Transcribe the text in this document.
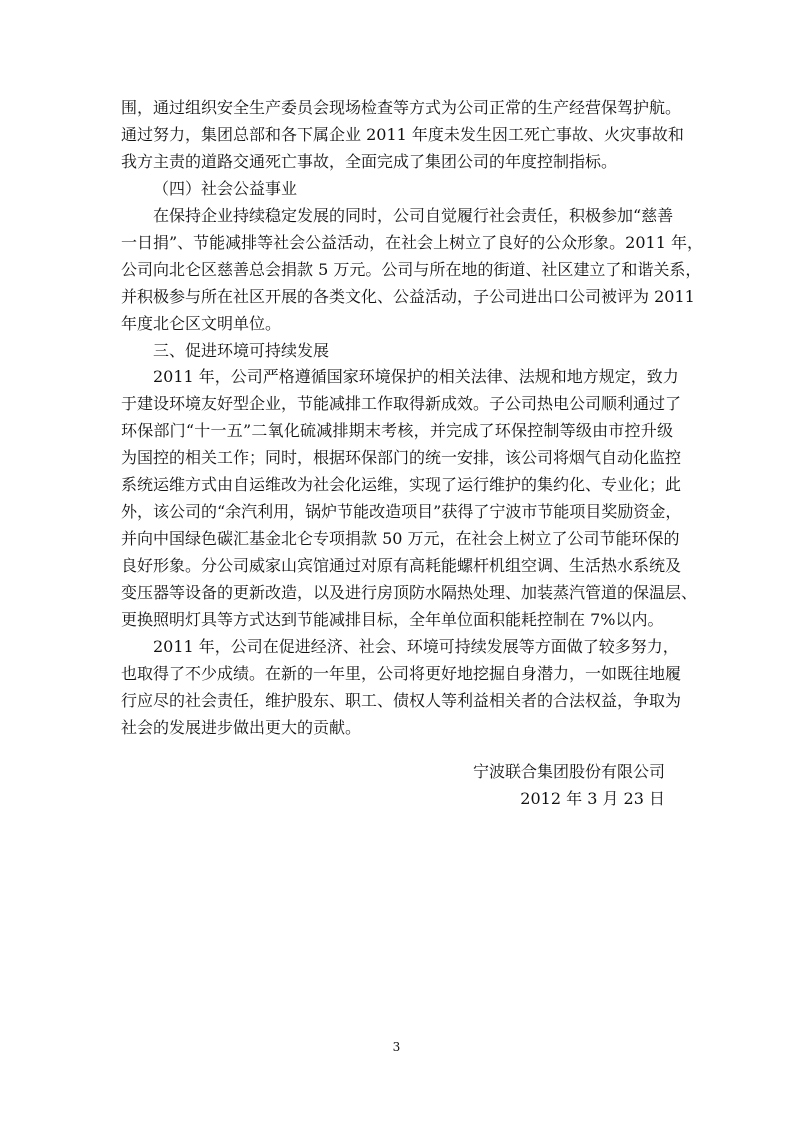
围，通过组织安全生产委员会现场检查等方式为公司正常的生产经营保驾护航。
通过努力，集团总部和各下属企业 2011 年度未发生因工死亡事故、火灾事故和
我方主责的道路交通死亡事故，全面完成了集团公司的年度控制指标。
（四）社会公益事业
在保持企业持续稳定发展的同时，公司自觉履行社会责任，积极参加“慈善
一日捐”、节能减排等社会公益活动，在社会上树立了良好的公众形象。2011 年，
公司向北仑区慈善总会捐款 5 万元。公司与所在地的街道、社区建立了和谐关系，
并积极参与所在社区开展的各类文化、公益活动，子公司进出口公司被评为 2011
年度北仑区文明单位。
三、促进环境可持续发展
2011 年，公司严格遵循国家环境保护的相关法律、法规和地方规定，致力
于建设环境友好型企业，节能减排工作取得新成效。子公司热电公司顺利通过了
环保部门“十一五”二氧化硫减排期末考核，并完成了环保控制等级由市控升级
为国控的相关工作；同时，根据环保部门的统一安排，该公司将烟气自动化监控
系统运维方式由自运维改为社会化运维，实现了运行维护的集约化、专业化；此
外，该公司的“余汽利用，锅炉节能改造项目”获得了宁波市节能项目奖励资金，
并向中国绿色碳汇基金北仑专项捐款 50 万元，在社会上树立了公司节能环保的
良好形象。分公司威家山宾馆通过对原有高耗能螺杆机组空调、生活热水系统及
变压器等设备的更新改造，以及进行房顶防水隔热处理、加装蒸汽管道的保温层、
更换照明灯具等方式达到节能减排目标，全年单位面积能耗控制在 7%以内。
2011 年，公司在促进经济、社会、环境可持续发展等方面做了较多努力，
也取得了不少成绩。在新的一年里，公司将更好地挖掘自身潜力，一如既往地履
行应尽的社会责任，维护股东、职工、债权人等利益相关者的合法权益，争取为
社会的发展进步做出更大的贡献。
宁波联合集团股份有限公司
2012 年 3 月 23 日
3
